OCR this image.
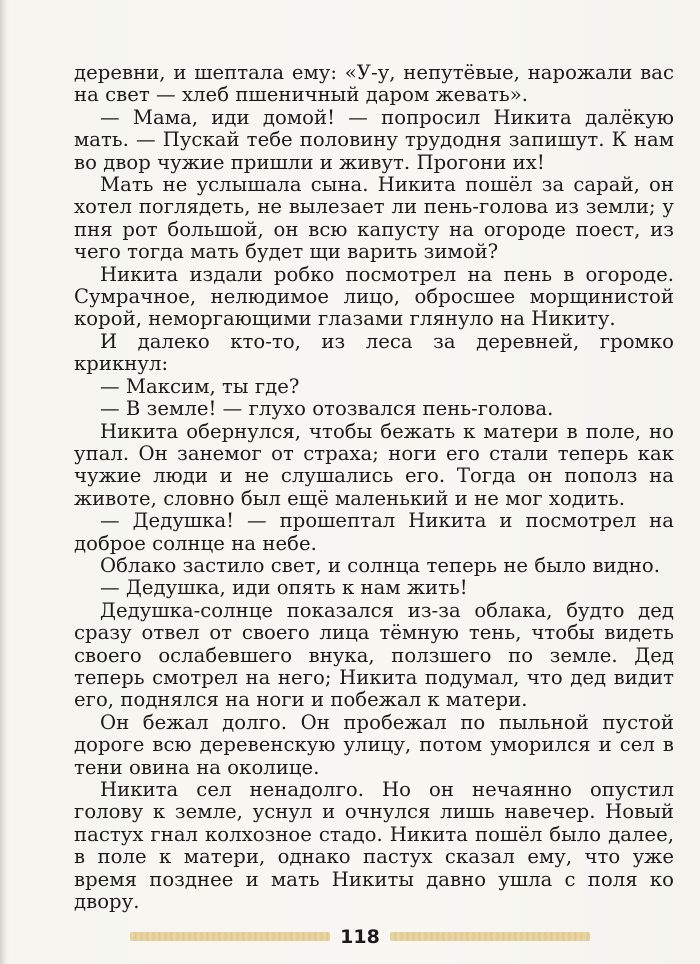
деревни, и шептала ему: «У-у, непутёвые, нарожали вас на свет — хлеб пшеничный даром жевать».

— Мама, иди домой! — попросил Никита далёкую мать. — Пускай тебе половину трудодня запишут. К нам во двор чужие пришли и живут. Прогони их!

Мать не услышала сына. Никита пошёл за сарай, он хотел поглядеть, не вылезает ли пень-голова из земли; у пня рот большой, он всю капусту на огороде поест, из чего тогда мать будет щи варить зимой?

Никита издали робко посмотрел на пень в огороде. Сумрачное, нелюдимое лицо, обросшее морщинистой корой, неморгающими глазами глянуло на Никиту.

И далеко кто-то, из леса за деревней, громко крикнул:

— Максим, ты где?

— В земле! — глухо отозвался пень-голова.

Никита обернулся, чтобы бежать к матери в поле, но упал. Он занемог от страха; ноги его стали теперь как чужие люди и не слушались его. Тогда он пополз на животе, словно был ещё маленький и не мог ходить.

— Дедушка! — прошептал Никита и посмотрел на доброе солнце на небе.

Облако застило свет, и солнца теперь не было видно.

— Дедушка, иди опять к нам жить!

Дедушка-солнце показался из-за облака, будто дед сразу отвел от своего лица тёмную тень, чтобы видеть своего ослабевшего внука, ползшего по земле. Дед теперь смотрел на него; Никита подумал, что дед видит его, поднялся на ноги и побежал к матери.

Он бежал долго. Он пробежал по пыльной пустой дороге всю деревенскую улицу, потом уморился и сел в тени овина на околице.

Никита сел ненадолго. Но он нечаянно опустил голову к земле, уснул и очнулся лишь навечер. Новый пастух гнал колхозное стадо. Никита пошёл было далее, в поле к матери, однако пастух сказал ему, что уже время позднее и мать Никиты давно ушла с поля ко двору.

118
